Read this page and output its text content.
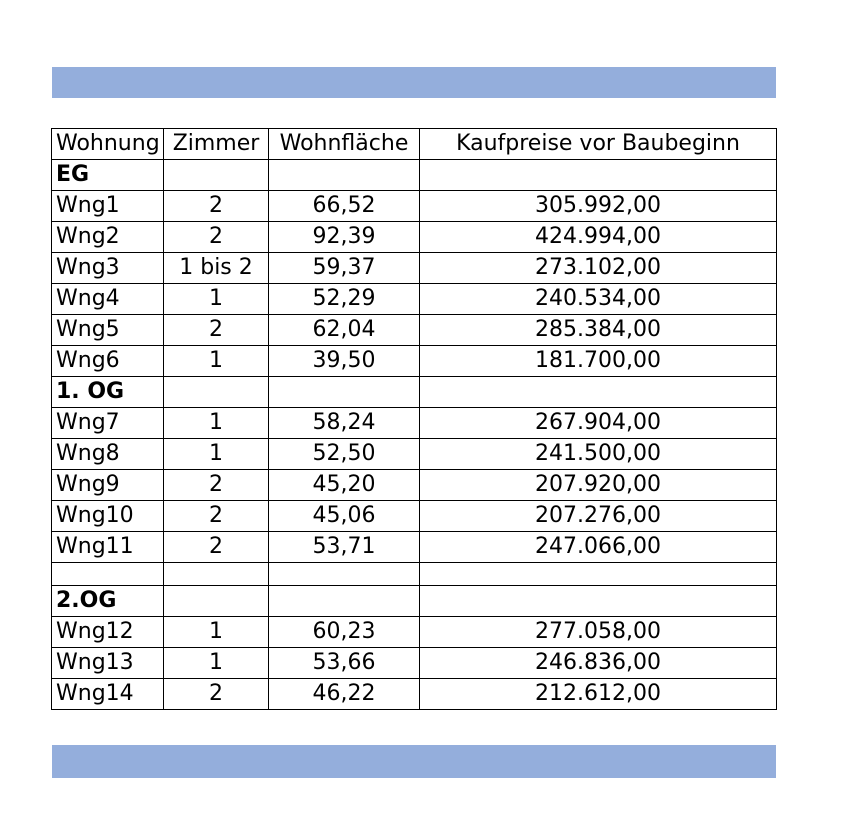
Wohnung	Zimmer	Wohnfläche	Kaufpreise vor Baubeginn
EG			
Wng1	2	66,52	305.992,00
Wng2	2	92,39	424.994,00
Wng3	1 bis 2	59,37	273.102,00
Wng4	1	52,29	240.534,00
Wng5	2	62,04	285.384,00
Wng6	1	39,50	181.700,00
1. OG			
Wng7	1	58,24	267.904,00
Wng8	1	52,50	241.500,00
Wng9	2	45,20	207.920,00
Wng10	2	45,06	207.276,00
Wng11	2	53,71	247.066,00

2.OG			
Wng12	1	60,23	277.058,00
Wng13	1	53,66	246.836,00
Wng14	2	46,22	212.612,00
